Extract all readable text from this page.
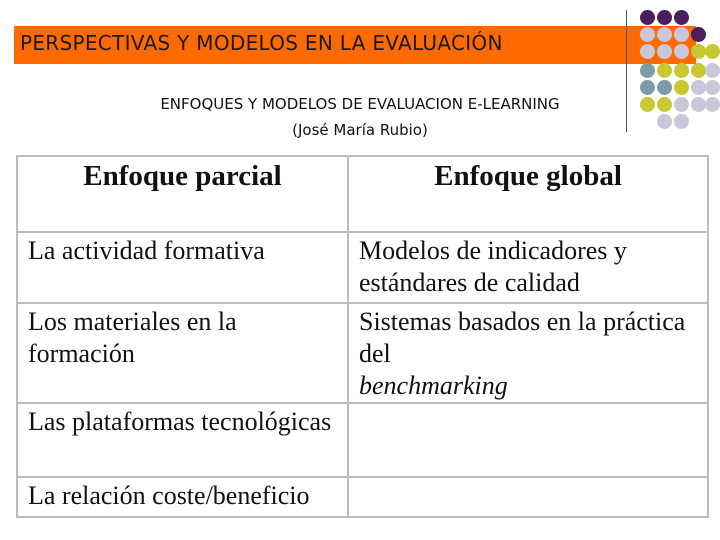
PERSPECTIVAS Y MODELOS EN LA EVALUACIÓN
ENFOQUES Y MODELOS DE EVALUACION E-LEARNING
(José María Rubio)
Enfoque parcial	Enfoque global
La actividad formativa	Modelos de indicadores y estándares de calidad
Los materiales en la formación	Sistemas basados en la práctica del
benchmarking
Las plataformas tecnológicas	
La relación coste/beneficio	
